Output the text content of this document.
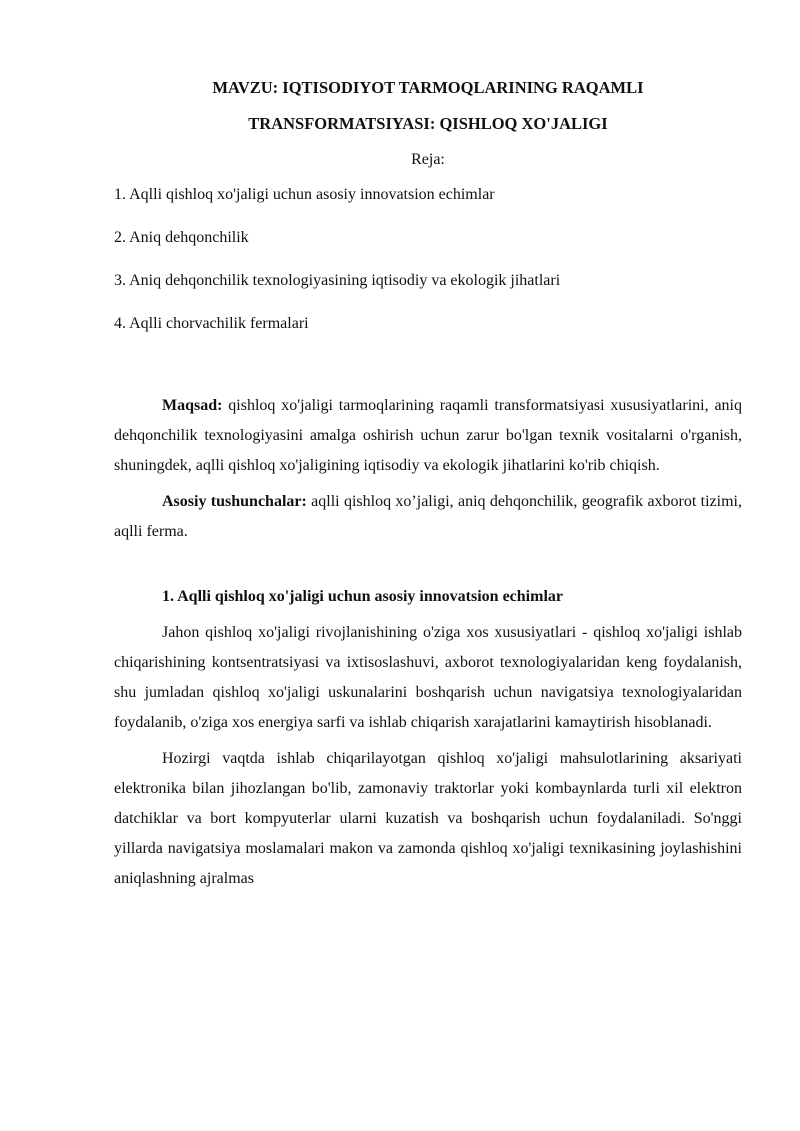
MAVZU: IQTISODIYOT TARMOQLARINING RAQAMLI

TRANSFORMATSIYASI: QISHLOQ XO'JALIGI

Reja:

1. Aqlli qishloq xo'jaligi uchun asosiy innovatsion echimlar
2. Aniq dehqonchilik
3. Aniq dehqonchilik texnologiyasining iqtisodiy va ekologik jihatlari
4. Aqlli chorvachilik fermalari

Maqsad: qishloq xo'jaligi tarmoqlarining raqamli transformatsiyasi xususiyatlarini, aniq dehqonchilik texnologiyasini amalga oshirish uchun zarur bo'lgan texnik vositalarni o'rganish, shuningdek, aqlli qishloq xo'jaligining iqtisodiy va ekologik jihatlarini ko'rib chiqish.

Asosiy tushunchalar: aqlli qishloq xo’jaligi, aniq dehqonchilik, geografik axborot tizimi, aqlli ferma.

1. Aqlli qishloq xo'jaligi uchun asosiy innovatsion echimlar

Jahon qishloq xo'jaligi rivojlanishining o'ziga xos xususiyatlari - qishloq xo'jaligi ishlab chiqarishining kontsentratsiyasi va ixtisoslashuvi, axborot texnologiyalaridan keng foydalanish, shu jumladan qishloq xo'jaligi uskunalarini boshqarish uchun navigatsiya texnologiyalaridan foydalanib, o'ziga xos energiya sarfi va ishlab chiqarish xarajatlarini kamaytirish hisoblanadi.

Hozirgi vaqtda ishlab chiqarilayotgan qishloq xo'jaligi mahsulotlarining aksariyati elektronika bilan jihozlangan bo'lib, zamonaviy traktorlar yoki kombaynlarda turli xil elektron datchiklar va bort kompyuterlar ularni kuzatish va boshqarish uchun foydalaniladi. So'nggi yillarda navigatsiya moslamalari makon va zamonda qishloq xo'jaligi texnikasining joylashishini aniqlashning ajralmas
